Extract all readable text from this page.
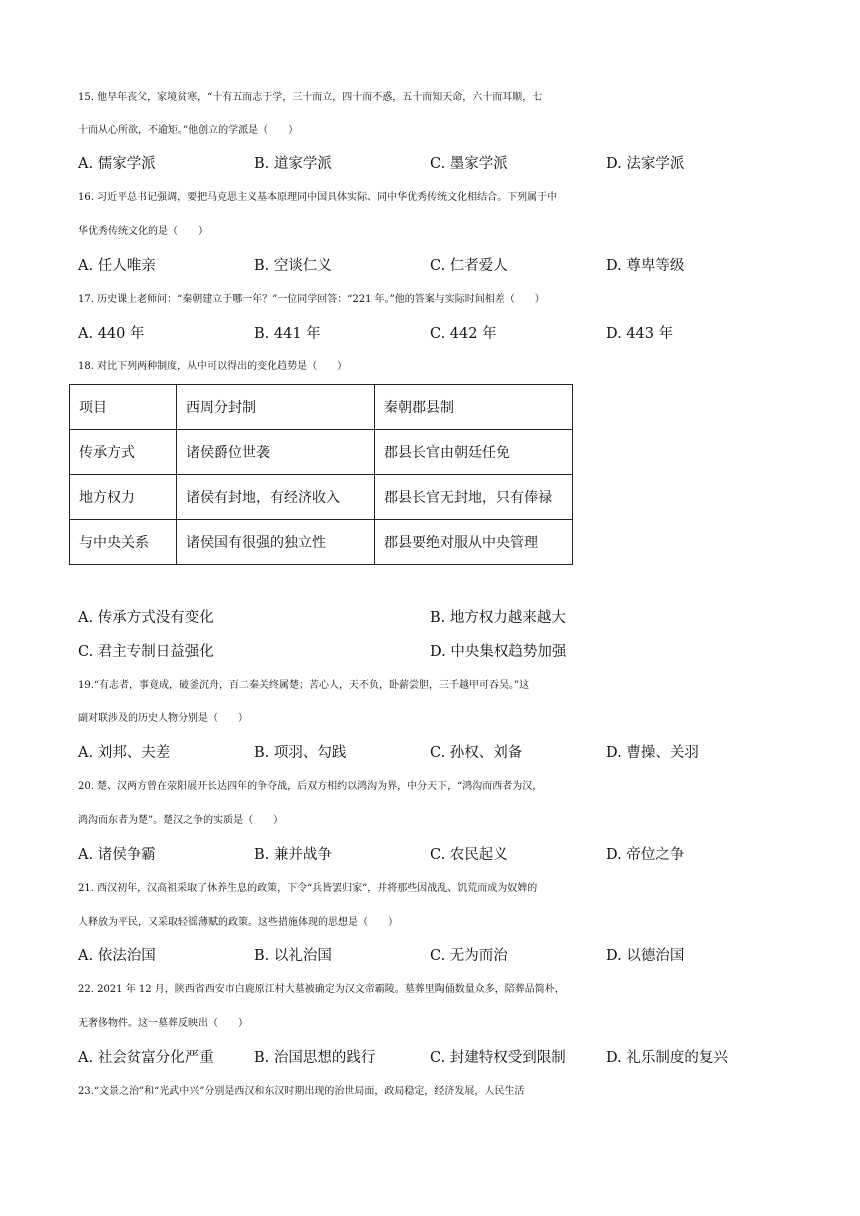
15. 他早年丧父，家境贫寒，“十有五而志于学，三十而立，四十而不惑，五十而知天命，六十而耳顺，七
十而从心所欲，不逾矩。”他创立的学派是（　　）
A. 儒家学派	B. 道家学派	C. 墨家学派	D. 法家学派
16. 习近平总书记强调，要把马克思主义基本原理同中国具体实际、同中华优秀传统文化相结合。下列属于中
华优秀传统文化的是（　　）
A. 任人唯亲	B. 空谈仁义	C. 仁者爱人	D. 尊卑等级
17. 历史课上老师问：“秦朝建立于哪一年？”一位同学回答：“221 年。”他的答案与实际时间相差（　　）
A. 440 年	B. 441 年	C. 442 年	D. 443 年
18. 对比下列两种制度，从中可以得出的变化趋势是（　　）
项目	西周分封制	秦朝郡县制
传承方式	诸侯爵位世袭	郡县长官由朝廷任免
地方权力	诸侯有封地，有经济收入	郡县长官无封地，只有俸禄
与中央关系	诸侯国有很强的独立性	郡县要绝对服从中央管理
A. 传承方式没有变化	B. 地方权力越来越大
C. 君主专制日益强化	D. 中央集权趋势加强
19.“有志者，事竟成，破釜沉舟，百二秦关终属楚；苦心人，天不负，卧薪尝胆，三千越甲可吞吴。”这
副对联涉及的历史人物分别是（　　）
A. 刘邦、夫差	B. 项羽、勾践	C. 孙权、刘备	D. 曹操、关羽
20. 楚、汉两方曾在荥阳展开长达四年的争夺战，后双方相约以鸿沟为界，中分天下，“鸿沟而西者为汉，
鸿沟而东者为楚”。楚汉之争的实质是（　　）
A. 诸侯争霸	B. 兼并战争	C. 农民起义	D. 帝位之争
21. 西汉初年，汉高祖采取了休养生息的政策，下令“兵皆罢归家”，并将那些因战乱、饥荒而成为奴婢的
人释放为平民，又采取轻徭薄赋的政策。这些措施体现的思想是（　　）
A. 依法治国	B. 以礼治国	C. 无为而治	D. 以德治国
22. 2021 年 12 月，陕西省西安市白鹿原江村大墓被确定为汉文帝霸陵。墓葬里陶俑数量众多，陪葬品简朴，
无奢侈物件。这一墓葬反映出（　　）
A. 社会贫富分化严重	B. 治国思想的践行	C. 封建特权受到限制	D. 礼乐制度的复兴
23.“文景之治”和“光武中兴”分别是西汉和东汉时期出现的治世局面，政局稳定，经济发展，人民生活
